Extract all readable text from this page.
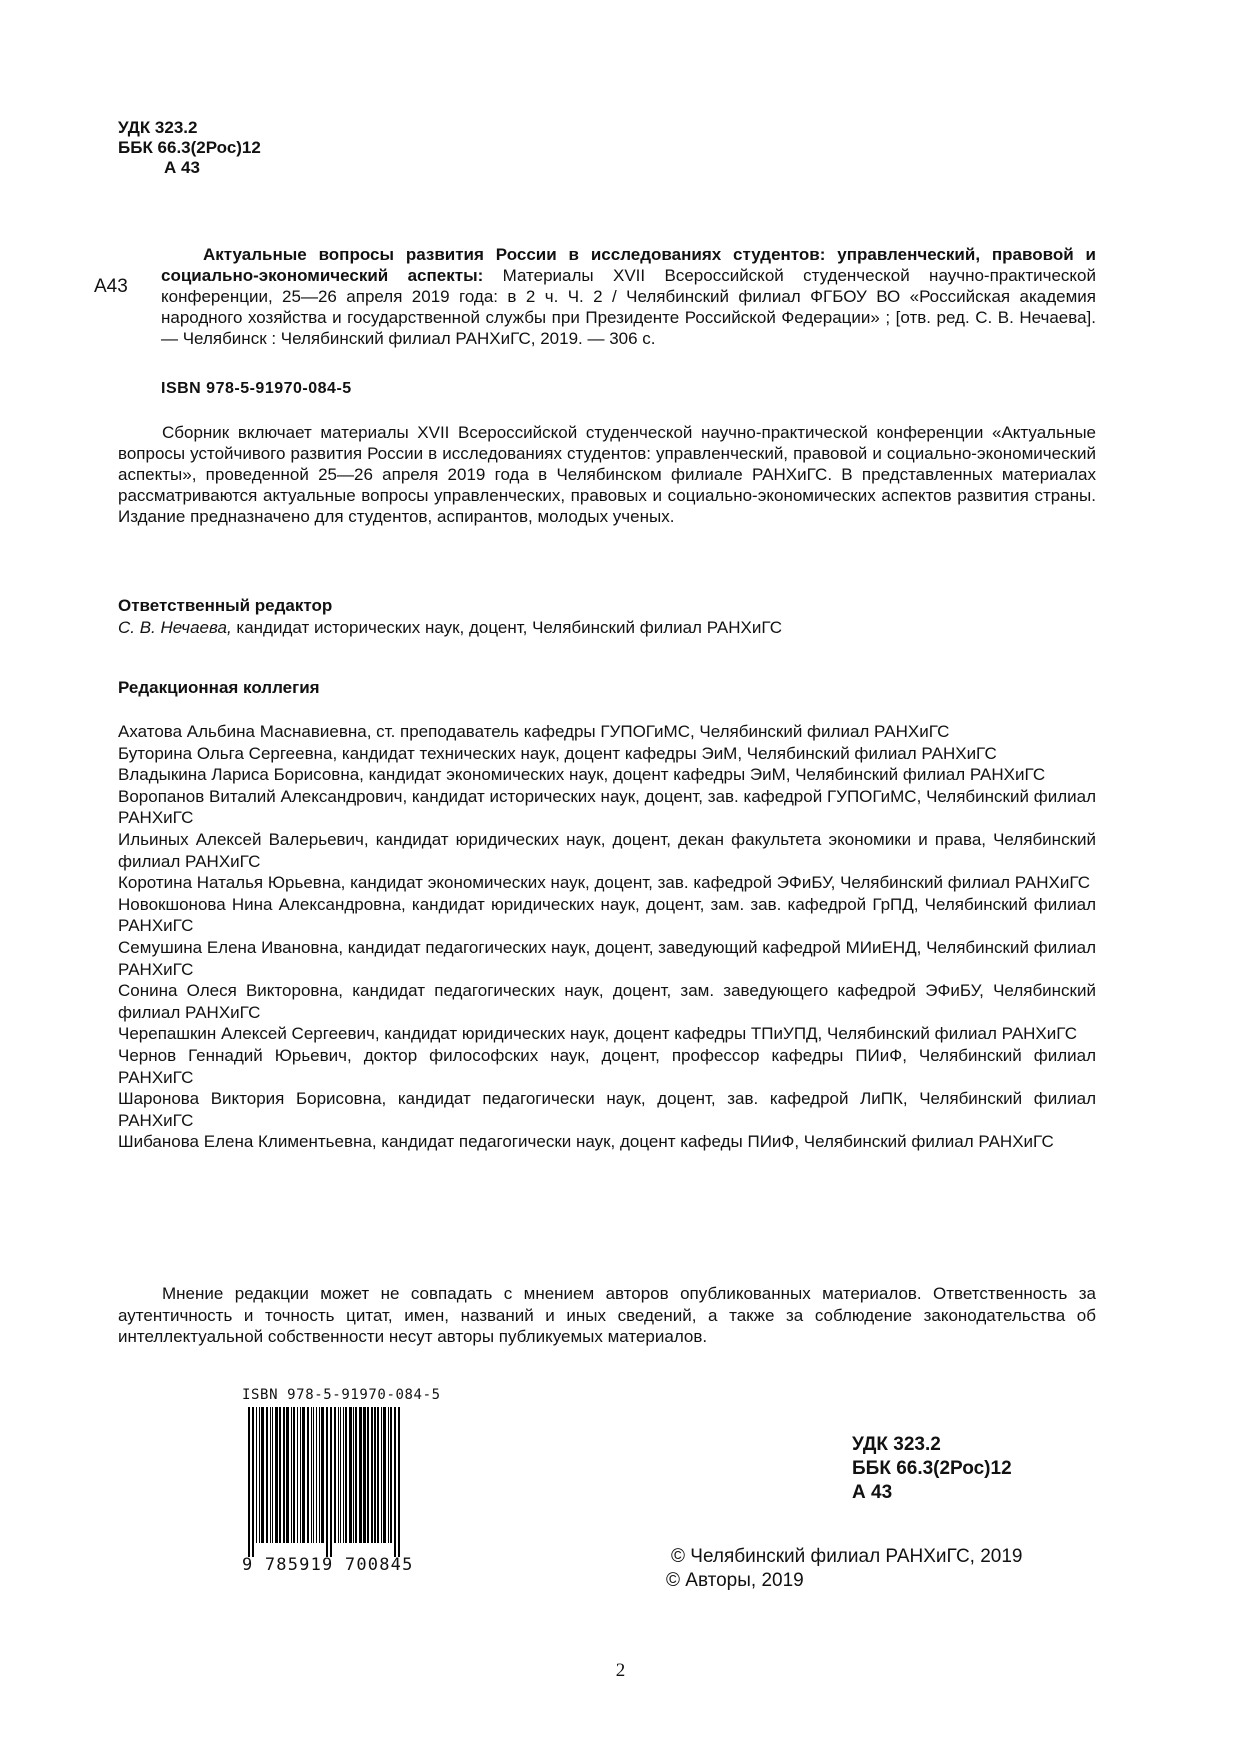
УДК 323.2
ББК 66.3(2Рос)12
А 43
А43
Актуальные вопросы развития России в исследованиях студентов: управленческий, правовой и социально-экономический аспекты: Материалы XVII Всероссийской студенческой научно-практической конференции, 25—26 апреля 2019 года: в 2 ч. Ч. 2 / Челябинский филиал ФГБОУ ВО «Российская академия народного хозяйства и государственной службы при Президенте Российской Федерации» ; [отв. ред. С. В. Нечаева]. — Челябинск : Челябинский филиал РАНХиГС, 2019. — 306 с.
ISBN 978-5-91970-084-5
Сборник включает материалы XVII Всероссийской студенческой научно-практической конференции «Актуальные вопросы устойчивого развития России в исследованиях студентов: управленческий, правовой и социально-экономический аспекты», проведенной 25—26 апреля 2019 года в Челябинском филиале РАНХиГС. В представленных материалах рассматриваются актуальные вопросы управленческих, правовых и социально-экономических аспектов развития страны. Издание предназначено для студентов, аспирантов, молодых ученых.
Ответственный редактор
С. В. Нечаева, кандидат исторических наук, доцент, Челябинский филиал РАНХиГС
Редакционная коллегия
Ахатова Альбина Маснавиевна, ст. преподаватель кафедры ГУПОГиМС, Челябинский филиал РАНХиГС
Буторина Ольга Сергеевна, кандидат технических наук, доцент кафедры ЭиМ, Челябинский филиал РАНХиГС
Владыкина Лариса Борисовна, кандидат экономических наук, доцент кафедры ЭиМ, Челябинский филиал РАНХиГС
Воропанов Виталий Александрович, кандидат исторических наук, доцент, зав. кафедрой ГУПОГиМС, Челябинский филиал РАНХиГС
Ильиных Алексей Валерьевич, кандидат юридических наук, доцент, декан факультета экономики и права, Челябинский филиал РАНХиГС
Коротина Наталья Юрьевна, кандидат экономических наук, доцент, зав. кафедрой ЭФиБУ, Челябинский филиал РАНХиГС
Новокшонова Нина Александровна, кандидат юридических наук, доцент, зам. зав. кафедрой ГрПД, Челябинский филиал РАНХиГС
Семушина Елена Ивановна, кандидат педагогических наук, доцент, заведующий кафедрой МИиЕНД, Челябинский филиал РАНХиГС
Сонина Олеся Викторовна, кандидат педагогических наук, доцент, зам. заведующего кафедрой ЭФиБУ, Челябинский филиал РАНХиГС
Черепашкин Алексей Сергеевич, кандидат юридических наук, доцент кафедры ТПиУПД, Челябинский филиал РАНХиГС
Чернов Геннадий Юрьевич, доктор философских наук, доцент, профессор кафедры ПИиФ, Челябинский филиал РАНХиГС
Шаронова Виктория Борисовна, кандидат педагогически наук, доцент, зав. кафедрой ЛиПК, Челябинский филиал РАНХиГС
Шибанова Елена Климентьевна, кандидат педагогически наук, доцент кафеды ПИиФ, Челябинский филиал РАНХиГС
Мнение редакции может не совпадать с мнением авторов опубликованных материалов. Ответственность за аутентичность и точность цитат, имен, названий и иных сведений, а также за соблюдение законодательства об интеллектуальной собственности несут авторы публикуемых материалов.
ISBN 978-5-91970-084-5
9 785919 700845
УДК 323.2
ББК 66.3(2Рос)12
А 43
© Челябинский филиал РАНХиГС, 2019
© Авторы, 2019
2
